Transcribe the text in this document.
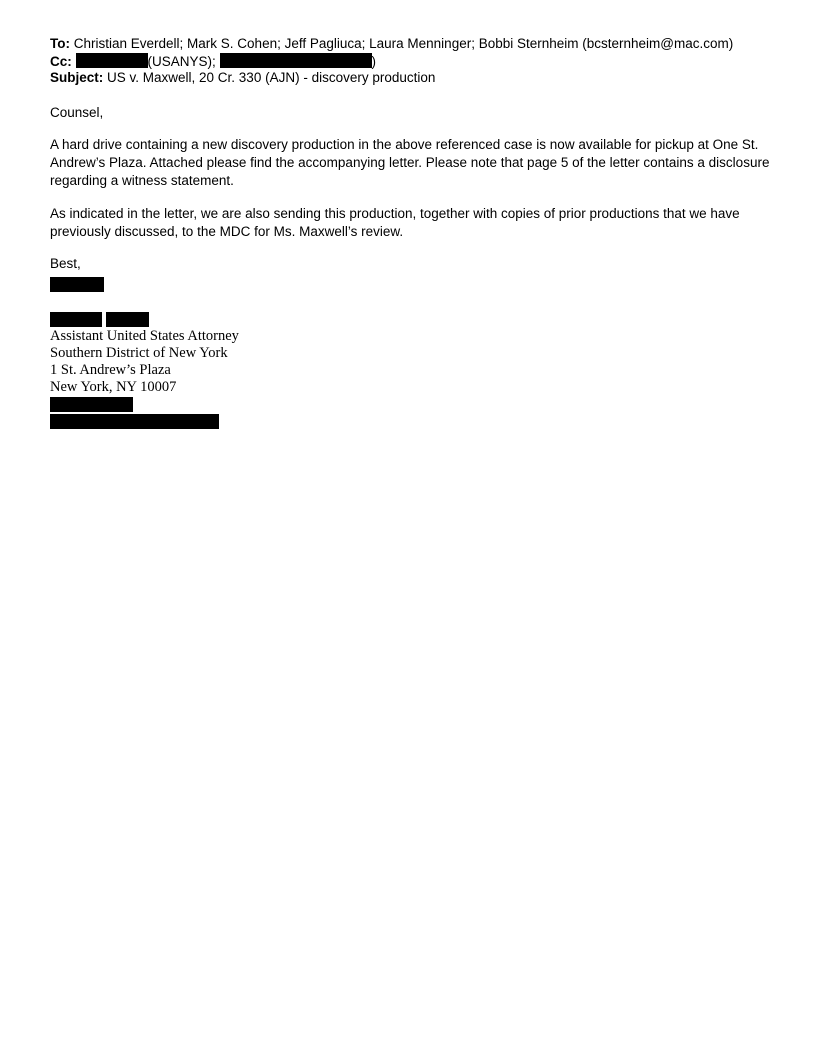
To: Christian Everdell; Mark S. Cohen; Jeff Pagliuca; Laura Menninger; Bobbi Sternheim (bcsternheim@mac.com)
Cc:	(USANYS);	)
Subject: US v. Maxwell, 20 Cr. 330 (AJN) - discovery production

Counsel,

A hard drive containing a new discovery production in the above referenced case is now available for pickup at One St. Andrew’s Plaza. Attached please find the accompanying letter. Please note that page 5 of the letter contains a disclosure regarding a witness statement.

As indicated in the letter, we are also sending this production, together with copies of prior productions that we have previously discussed, to the MDC for Ms. Maxwell’s review.

Best,

Assistant United States Attorney
Southern District of New York
1 St. Andrew’s Plaza
New York, NY 10007
